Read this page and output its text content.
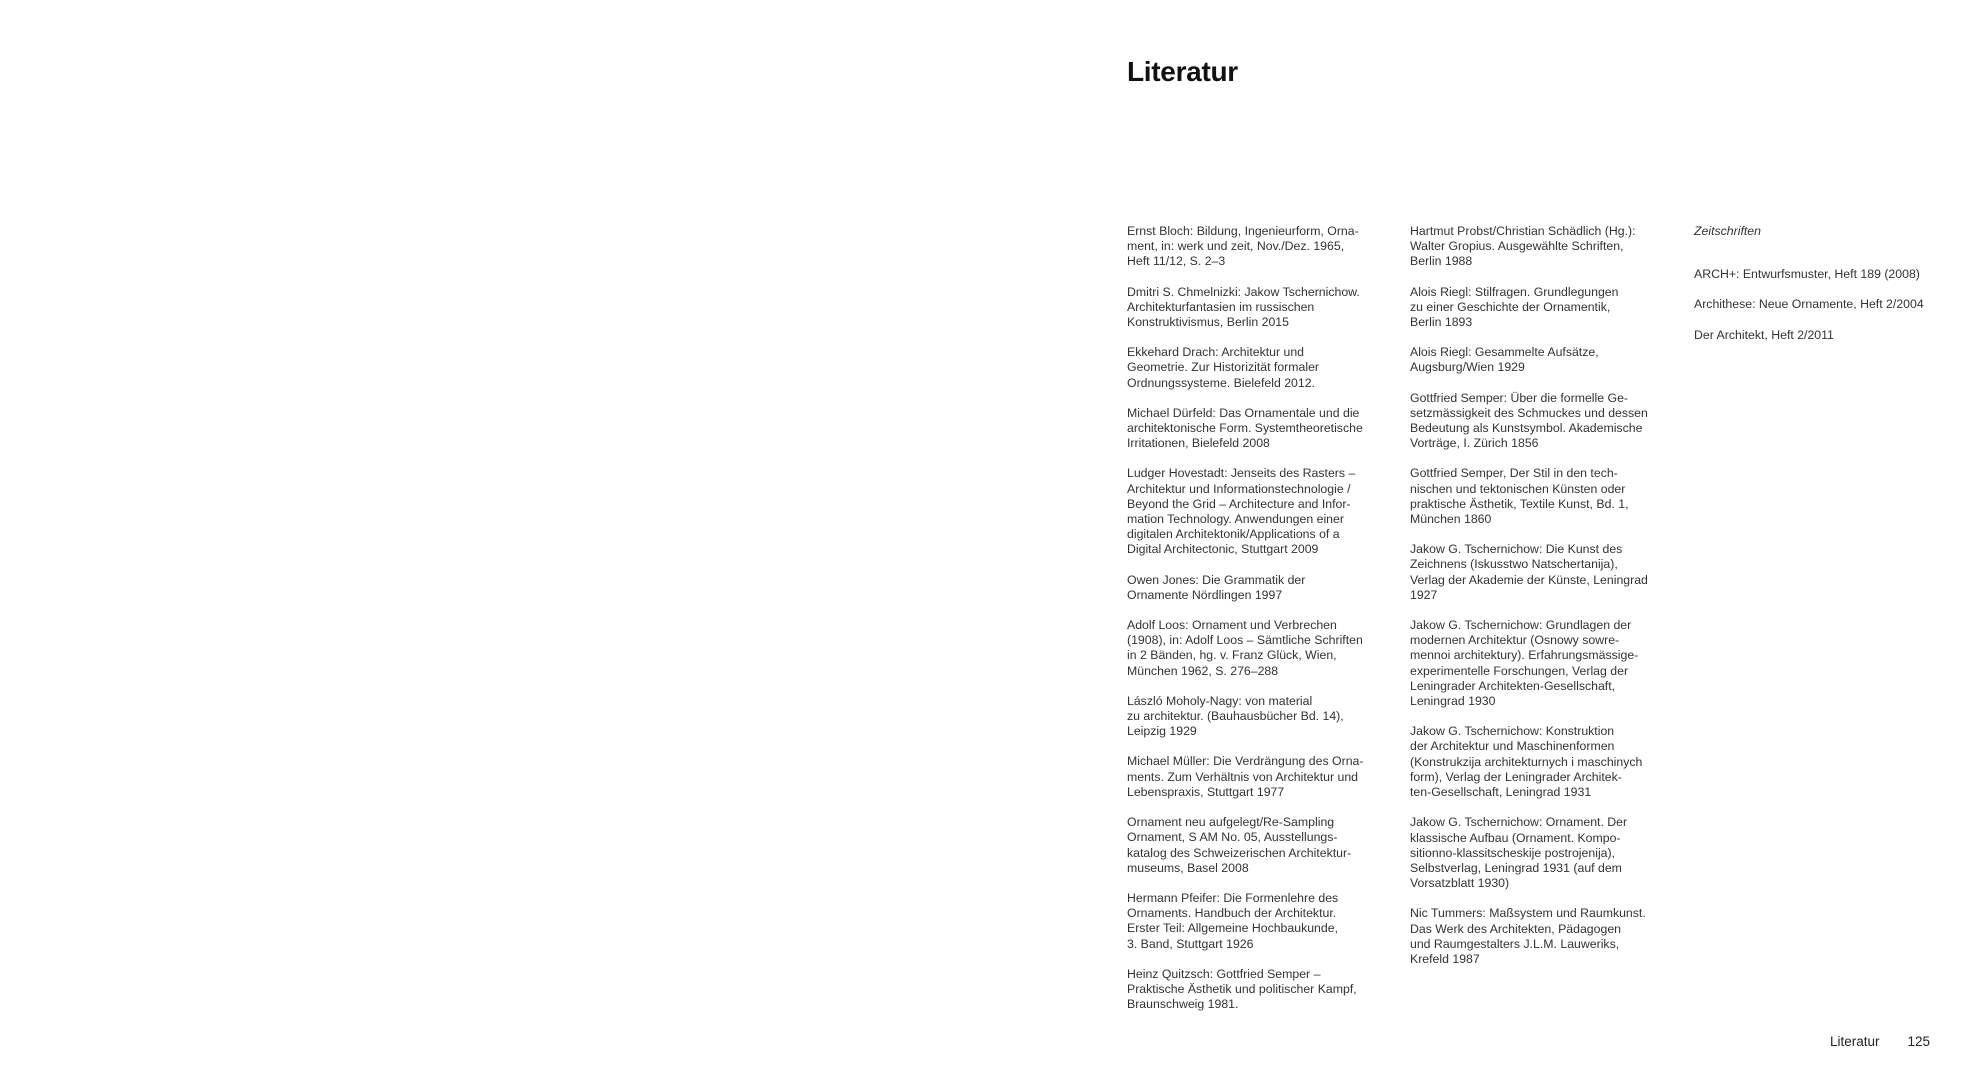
Literatur

Ernst Bloch: Bildung, Ingenieurform, Orna-
ment, in: werk und zeit, Nov./Dez. 1965,
Heft 11/12, S. 2–3

Dmitri S. Chmelnizki: Jakow Tschernichow.
Architekturfantasien im russischen
Konstruktivismus, Berlin 2015

Ekkehard Drach: Architektur und
Geometrie. Zur Historizität formaler
Ordnungssysteme. Bielefeld 2012.

Michael Dürfeld: Das Ornamentale und die
architektonische Form. Systemtheoretische
Irritationen, Bielefeld 2008

Ludger Hovestadt: Jenseits des Rasters –
Architektur und Informationstechnologie /
Beyond the Grid – Architecture and Infor-
mation Technology. Anwendungen einer
digitalen Architektonik/Applications of a
Digital Architectonic, Stuttgart 2009

Owen Jones: Die Grammatik der
Ornamente Nördlingen 1997

Adolf Loos: Ornament und Verbrechen
(1908), in: Adolf Loos – Sämtliche Schriften
in 2 Bänden, hg. v. Franz Glück, Wien,
München 1962, S. 276–288

László Moholy-Nagy: von material
zu architektur. (Bauhausbücher Bd. 14),
Leipzig 1929

Michael Müller: Die Verdrängung des Orna-
ments. Zum Verhältnis von Architektur und
Lebenspraxis, Stuttgart 1977

Ornament neu aufgelegt/Re-Sampling
Ornament, S AM No. 05, Ausstellungs-
katalog des Schweizerischen Architektur-
museums, Basel 2008

Hermann Pfeifer: Die Formenlehre des
Ornaments. Handbuch der Architektur.
Erster Teil: Allgemeine Hochbaukunde,
3. Band, Stuttgart 1926

Heinz Quitzsch: Gottfried Semper –
Praktische Ästhetik und politischer Kampf,
Braunschweig 1981.

Hartmut Probst/Christian Schädlich (Hg.):
Walter Gropius. Ausgewählte Schriften,
Berlin 1988

Alois Riegl: Stilfragen. Grundlegungen
zu einer Geschichte der Ornamentik,
Berlin 1893

Alois Riegl: Gesammelte Aufsätze,
Augsburg/Wien 1929

Gottfried Semper: Über die formelle Ge-
setzmässigkeit des Schmuckes und dessen
Bedeutung als Kunstsymbol. Akademische
Vorträge, I. Zürich 1856

Gottfried Semper, Der Stil in den tech-
nischen und tektonischen Künsten oder
praktische Ästhetik, Textile Kunst, Bd. 1,
München 1860

Jakow G. Tschernichow: Die Kunst des
Zeichnens (Iskusstwo Natschertanija),
Verlag der Akademie der Künste, Leningrad
1927

Jakow G. Tschernichow: Grundlagen der
modernen Architektur (Osnowy sowre-
mennoi architektury). Erfahrungsmässige-
experimentelle Forschungen, Verlag der
Leningrader Architekten-Gesellschaft,
Leningrad 1930

Jakow G. Tschernichow: Konstruktion
der Architektur und Maschinenformen
(Konstrukzija architekturnych i maschinych
form), Verlag der Leningrader Architek-
ten-Gesellschaft, Leningrad 1931

Jakow G. Tschernichow: Ornament. Der
klassische Aufbau (Ornament. Kompo-
sitionno-klassitscheskije postrojenija),
Selbstverlag, Leningrad 1931 (auf dem
Vorsatzblatt 1930)

Nic Tummers: Maßsystem und Raumkunst.
Das Werk des Architekten, Pädagogen
und Raumgestalters J.L.M. Lauweriks,
Krefeld 1987

Zeitschriften

ARCH+: Entwurfsmuster, Heft 189 (2008)

Archithese: Neue Ornamente, Heft 2/2004

Der Architekt, Heft 2/2011

Literatur 125
